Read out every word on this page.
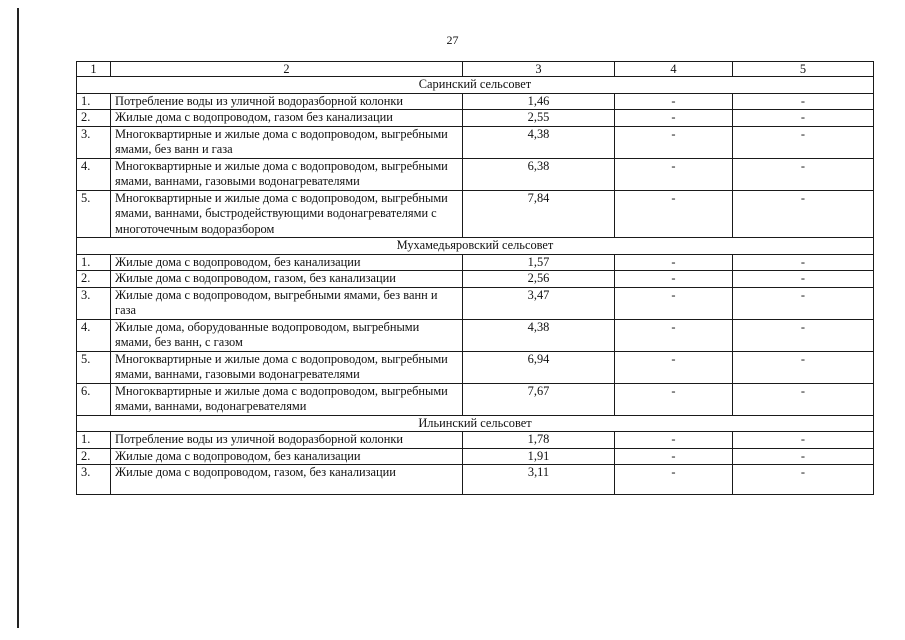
27
1	2	3	4	5
Саринский сельсовет				
1.	Потребление воды из уличной водоразборной колонки	1,46	-	-
2.	Жилые дома с водопроводом, газом без канализации	2,55	-	-
3.	Многоквартирные и жилые дома с водопроводом, выгребными ямами, без ванн и газа	4,38	-	-
4.	Многоквартирные и жилые дома с водопроводом, выгребными ямами, ваннами, газовыми водонагревателями	6,38	-	-
5.	Многоквартирные и жилые дома с водопроводом, выгребными ямами, ваннами, быстродействующими водонагревателями с многоточечным водоразбором	7,84	-	-
Мухамедьяровский сельсовет				
1.	Жилые дома с водопроводом, без канализации	1,57	-	-
2.	Жилые дома с водопроводом, газом, без канализации	2,56	-	-
3.	Жилые дома с водопроводом, выгребными ямами, без ванн и газа	3,47	-	-
4.	Жилые дома, оборудованные водопроводом, выгребными ямами, без ванн, с газом	4,38	-	-
5.	Многоквартирные и жилые дома с водопроводом, выгребными ямами, ваннами, газовыми водонагревателями	6,94	-	-
6.	Многоквартирные и жилые дома с водопроводом, выгребными ямами, ваннами, водонагревателями	7,67	-	-
Ильинский сельсовет				
1.	Потребление воды из уличной водоразборной колонки	1,78	-	-
2.	Жилые дома с водопроводом, без канализации	1,91	-	-
3.	Жилые дома с водопроводом, газом, без канализации	3,11	-	-
